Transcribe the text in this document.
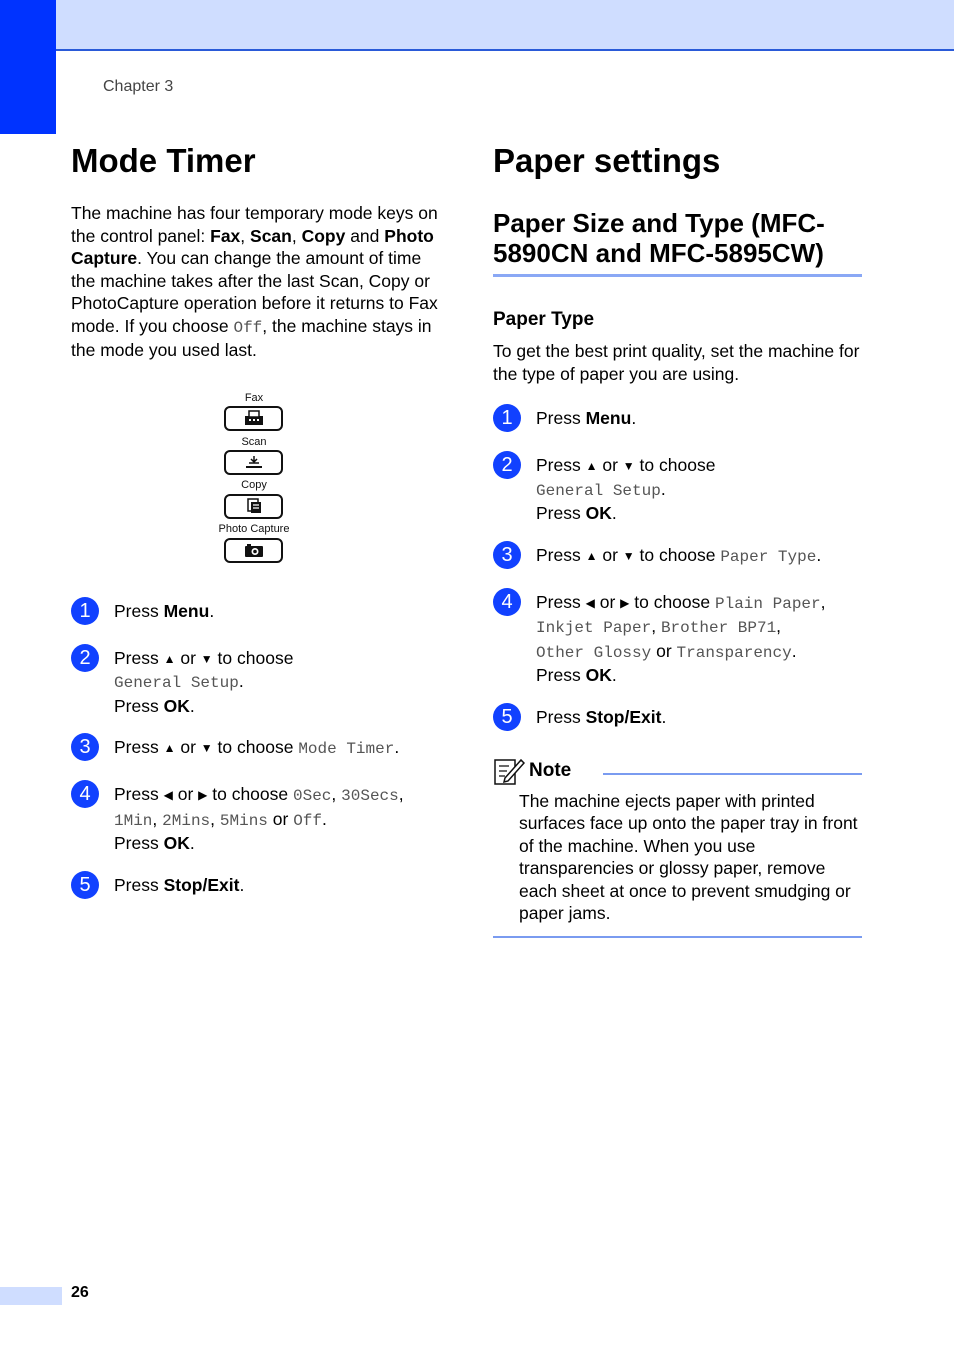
Chapter 3
Mode Timer

The machine has four temporary mode keys on the control panel: Fax, Scan, Copy and Photo Capture. You can change the amount of time the machine takes after the last Scan, Copy or PhotoCapture operation before it returns to Fax mode. If you choose Off, the machine stays in the mode you used last.

Fax
Scan
Copy
Photo Capture
1	Press Menu.

2	Press ▲ or ▼ to choose
General Setup.
Press OK.

3	Press ▲ or ▼ to choose Mode Timer.

4	Press ◀ or ▶ to choose 0Sec, 30Secs,
1Min, 2Mins, 5Mins or Off.
Press OK.

5	Press Stop/Exit.

Paper settings
Paper Size and Type (MFC-5890CN and MFC-5895CW)
Paper Type

To get the best print quality, set the machine for the type of paper you are using.

1	Press Menu.

2	Press ▲ or ▼ to choose
General Setup.
Press OK.

3	Press ▲ or ▼ to choose Paper Type.

4	Press ◀ or ▶ to choose Plain Paper,
Inkjet Paper, Brother BP71,
Other Glossy or Transparency.
Press OK.

5	Press Stop/Exit.

Note

The machine ejects paper with printed surfaces face up onto the paper tray in front of the machine. When you use transparencies or glossy paper, remove each sheet at once to prevent smudging or paper jams.

26
